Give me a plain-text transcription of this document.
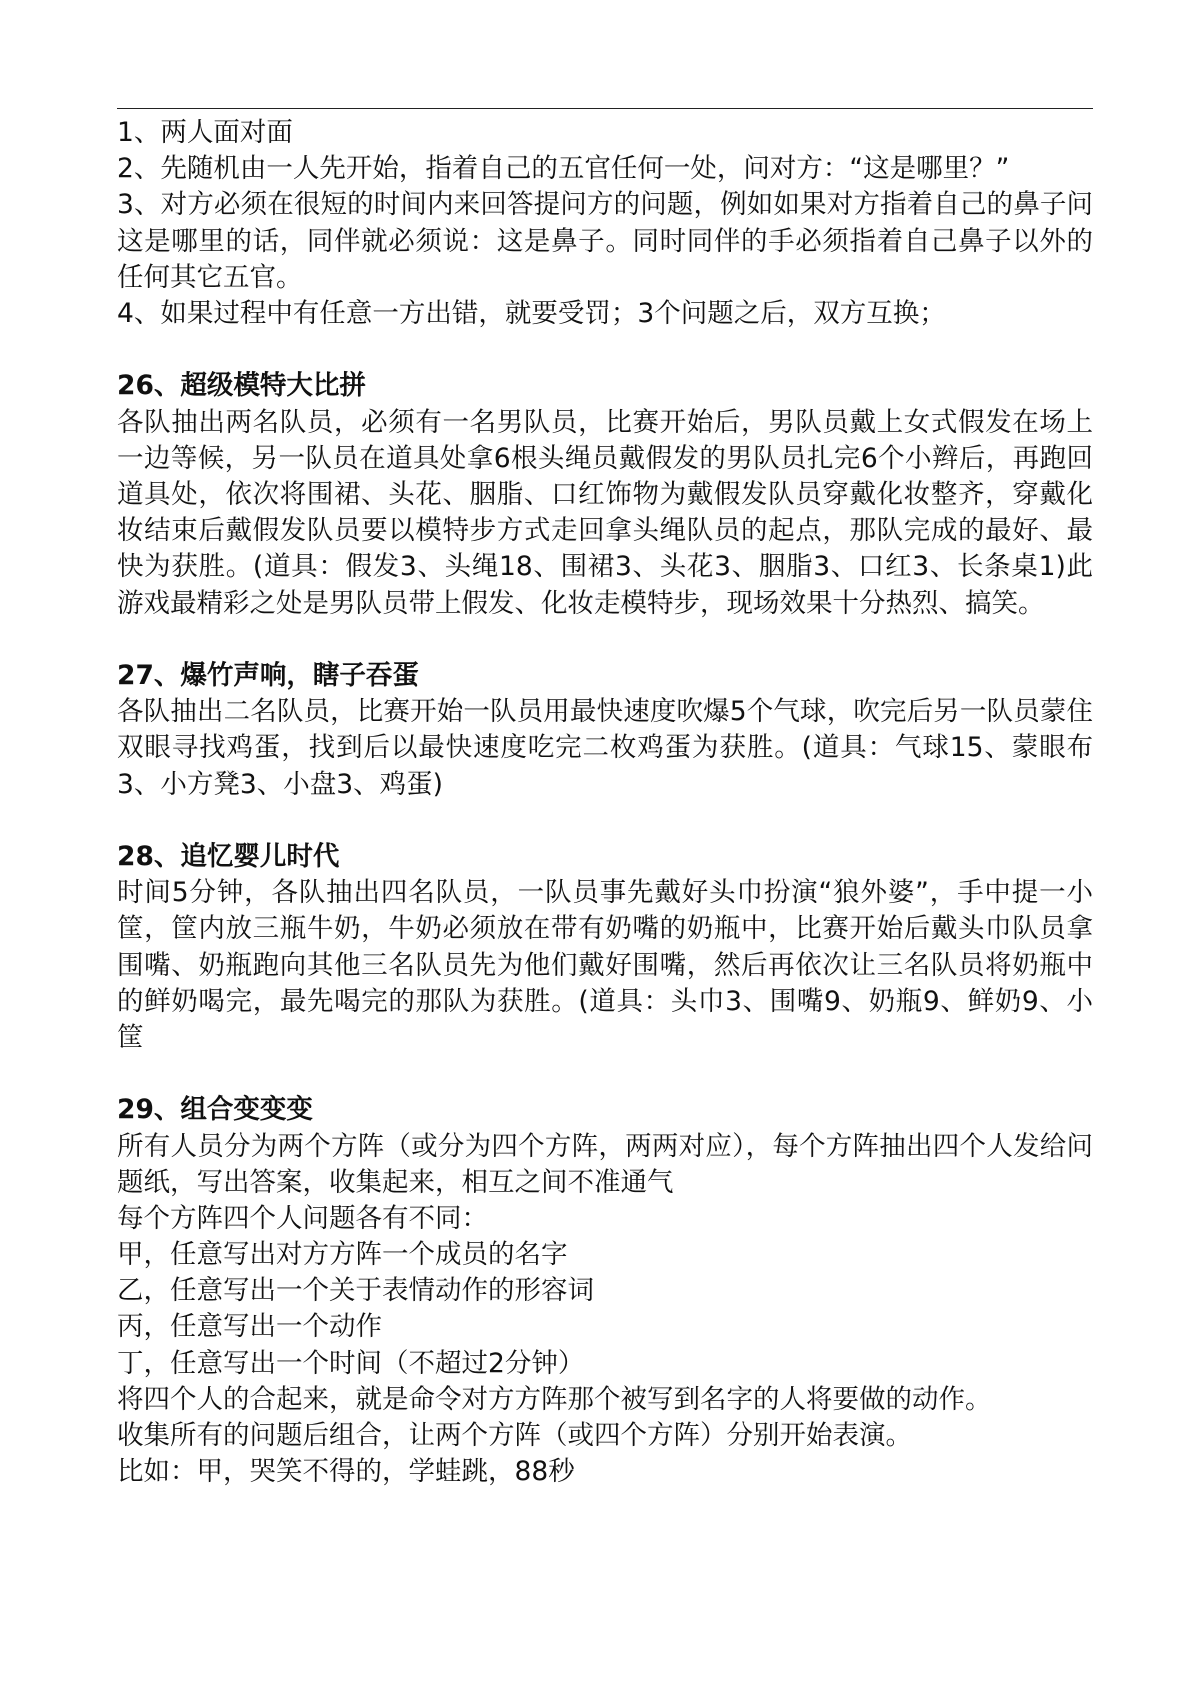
1、两人面对面
2、先随机由一人先开始，指着自己的五官任何一处，问对方：“这是哪里？”
3、对方必须在很短的时间内来回答提问方的问题，例如如果对方指着自己的鼻子问这是哪里的话，同伴就必须说：这是鼻子。同时同伴的手必须指着自己鼻子以外的任何其它五官。
4、如果过程中有任意一方出错，就要受罚；3个问题之后，双方互换；
26、超级模特大比拼
各队抽出两名队员，必须有一名男队员，比赛开始后，男队员戴上女式假发在场上一边等候，另一队员在道具处拿6根头绳员戴假发的男队员扎完6个小辫后，再跑回道具处，依次将围裙、头花、胭脂、口红饰物为戴假发队员穿戴化妆整齐，穿戴化妆结束后戴假发队员要以模特步方式走回拿头绳队员的起点，那队完成的最好、最快为获胜。(道具：假发3、头绳18、围裙3、头花3、胭脂3、口红3、长条桌1)此游戏最精彩之处是男队员带上假发、化妆走模特步，现场效果十分热烈、搞笑。
27、爆竹声响，瞎子吞蛋
各队抽出二名队员，比赛开始一队员用最快速度吹爆5个气球，吹完后另一队员蒙住双眼寻找鸡蛋，找到后以最快速度吃完二枚鸡蛋为获胜。(道具：气球15、蒙眼布3、小方凳3、小盘3、鸡蛋)
28、追忆婴儿时代
时间5分钟，各队抽出四名队员，一队员事先戴好头巾扮演“狼外婆”，手中提一小筐，筐内放三瓶牛奶，牛奶必须放在带有奶嘴的奶瓶中，比赛开始后戴头巾队员拿围嘴、奶瓶跑向其他三名队员先为他们戴好围嘴，然后再依次让三名队员将奶瓶中的鲜奶喝完，最先喝完的那队为获胜。(道具：头巾3、围嘴9、奶瓶9、鲜奶9、小筐
29、组合变变变
所有人员分为两个方阵（或分为四个方阵，两两对应），每个方阵抽出四个人发给问题纸，写出答案，收集起来，相互之间不准通气
每个方阵四个人问题各有不同：
甲，任意写出对方方阵一个成员的名字
乙，任意写出一个关于表情动作的形容词
丙，任意写出一个动作
丁，任意写出一个时间（不超过2分钟）
将四个人的合起来，就是命令对方方阵那个被写到名字的人将要做的动作。
收集所有的问题后组合，让两个方阵（或四个方阵）分别开始表演。
比如：甲，哭笑不得的，学蛙跳，88秒
